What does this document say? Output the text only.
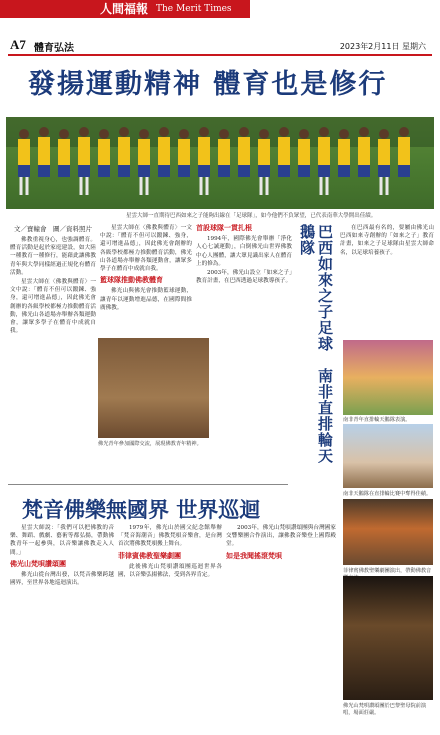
人間福報 The Merit Times
A7 體育弘法	2023年2月11日 星期六
發揚運動精神 體育也是修行
星雲大師一直期待巴西如來之子能夠出線在「足球隊」，如今他們不負眾望，已代表南華大學開出佳績。
文／寶幢會　圖／資料照片

佛教重視身心，也強調體育。體育活動是起於家庭建設，如大陸一種教育一種修行，能藉此讓佛教青年與大學同樣經過正規化有體育活動。

星雲大師在〈佛教與體育〉一文中說：「體育不但可以鍛鍊、強身，還可增進品德」，因此佛光會創辦的各級學校都極力推動體育活動，佛光山各道場亦舉辦各類運動會，讓眾多學子在體育中成就自我。

星雲大師在〈佛教與體育〉一文中說：「體育不但可以鍛鍊、強身，還可增進品德」，因此佛光會創辦的各級學校都極力推動體育活動，佛光山各道場亦舉辦各類運動會，讓眾多學子在體育中成就自我。

籃球隊推動佛教體育

佛光山與佛光會推動籃球運動，讓青年以運動增進品德，在國際間推廣佛教。

首設球隊一貫扎根

1994年，國際佛光會舉辦「淨化人心七誡運動」，白倒佛光山世界佛教中心人團體，讓大眾見識出家人在體育上的修為。

2003年，佛光山設立「如來之子」教育計畫，在巴西透過足球教導孩子。	巴西如來之子足球　南非直排輪天鵝隊	在巴西最有名的，要屬由佛光山巴西如來寺創辦的「如來之子」教育計畫，如來之子足球隊由星雲大師命名，以足球培養孩子。

佛光青年參加國際交流，展現佛教青年精神。
南非青年直排輪天鵝隊表演。
梵音佛樂無國界 世界巡迴

星雲大師說：「我們可以把佛教的音樂、舞蹈、戲劇、藝術等都弘揚，帶動佛教青年一起參與，以音樂讓佛教走入人間。」

佛光山梵唄讚頌團

佛光山從台灣出發，以梵音佛樂跨越國界，至世界各地巡迴演出。

1979年，佛光山於國父紀念館舉辦「梵音海潮音」佛教梵唄音樂會，是台灣首次將佛教梵唄搬上舞台。

菲律賓佛教聖樂劇團

此後佛光山梵唄讚頌團巡迴世界各國，以音樂弘揚佛法，受到各界肯定。

2003年，佛光山梵唄讚頌團與台灣國家交響樂團合作演出，讓佛教音樂登上國際殿堂。

如是我聞搖滾梵唄
南非天鵝隊在直排輪比賽中奪得佳績。
菲律賓佛教聖樂劇團演出，帶動佛教音
佛光山梵唄讚頌團於巴黎聖母院前演唱，場面莊嚴。
